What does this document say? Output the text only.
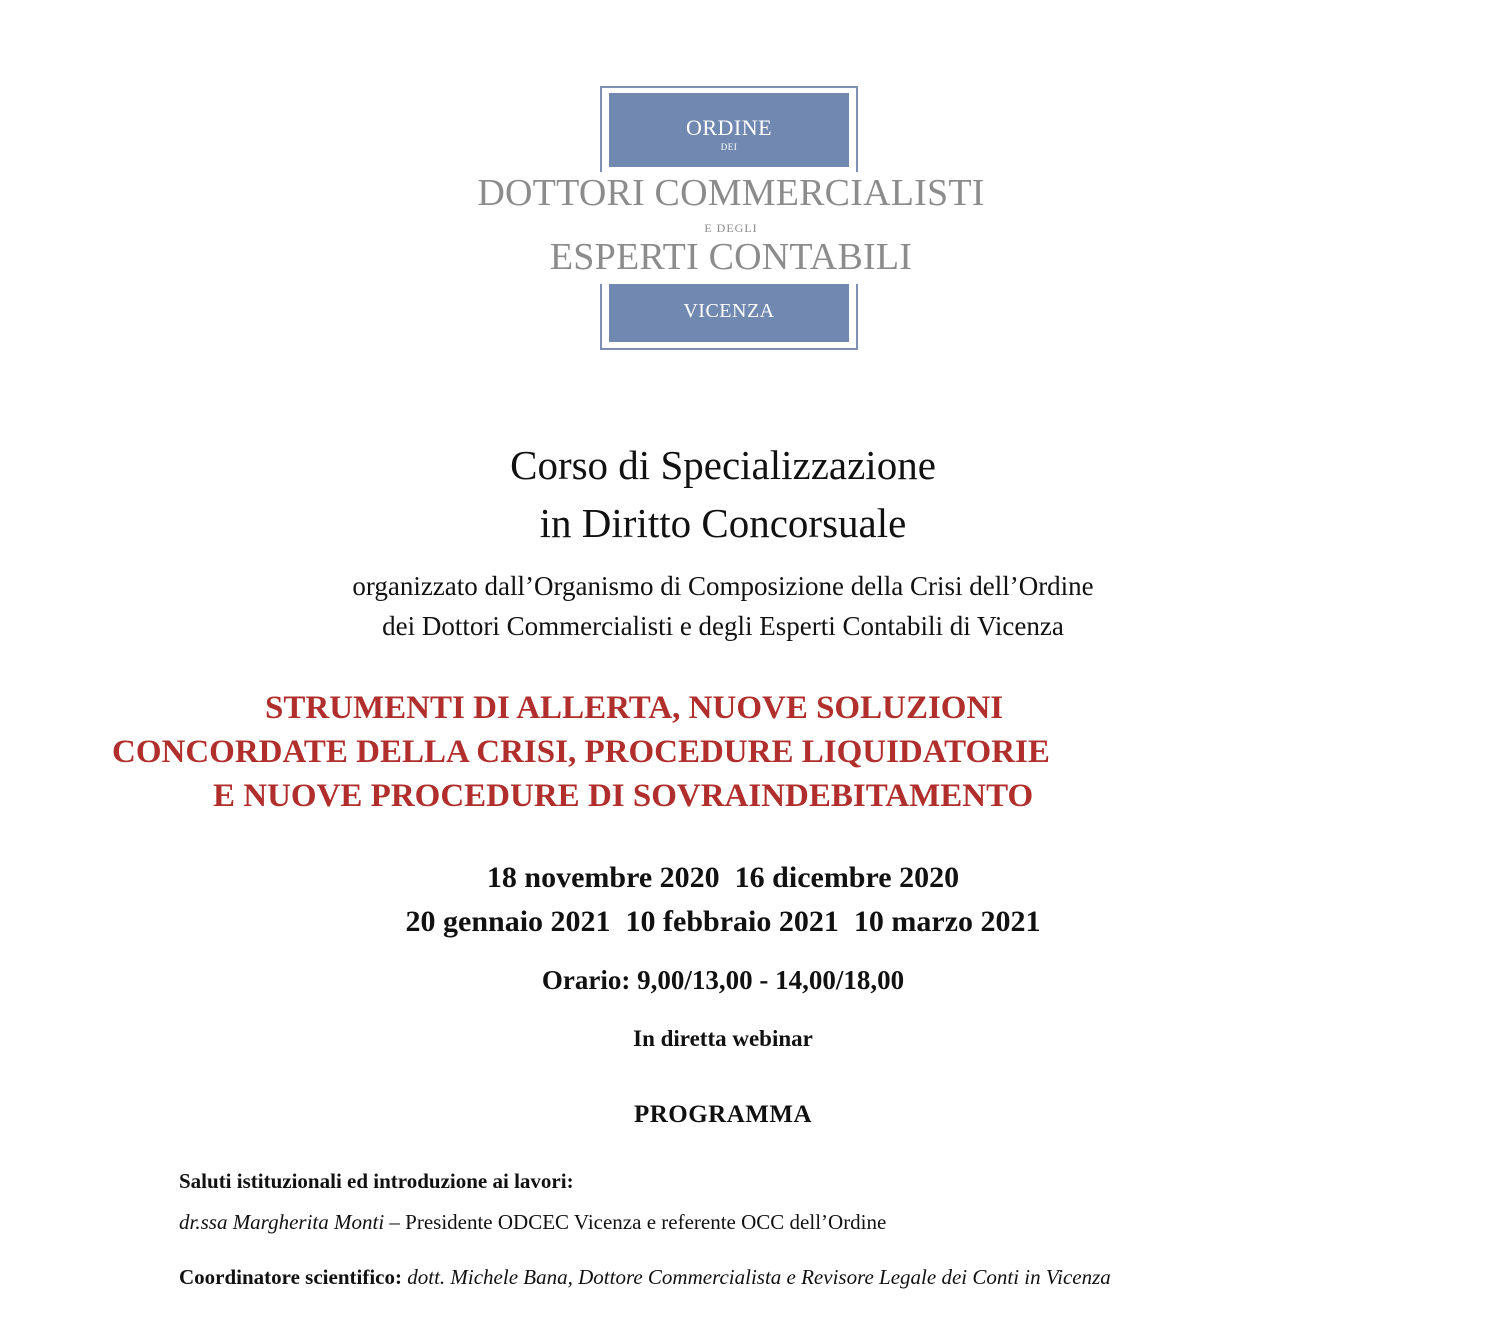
ORDINE
DEI
DOTTORI COMMERCIALISTI
E DEGLI
ESPERTI CONTABILI
VICENZA
Corso di Specializzazione
in Diritto Concorsuale
organizzato dall’Organismo di Composizione della Crisi dell’Ordine
dei Dottori Commercialisti e degli Esperti Contabili di Vicenza
STRUMENTI DI ALLERTA, NUOVE SOLUZIONI
CONCORDATE DELLA CRISI, PROCEDURE LIQUIDATORIE
E NUOVE PROCEDURE DI SOVRAINDEBITAMENTO
18 novembre 2020  16 dicembre 2020
20 gennaio 2021  10 febbraio 2021  10 marzo 2021
Orario: 9,00/13,00 - 14,00/18,00
In diretta webinar
PROGRAMMA
Saluti istituzionali ed introduzione ai lavori:
dr.ssa Margherita Monti – Presidente ODCEC Vicenza e referente OCC dell’Ordine
Coordinatore scientifico: dott. Michele Bana, Dottore Commercialista e Revisore Legale dei Conti in Vicenza
